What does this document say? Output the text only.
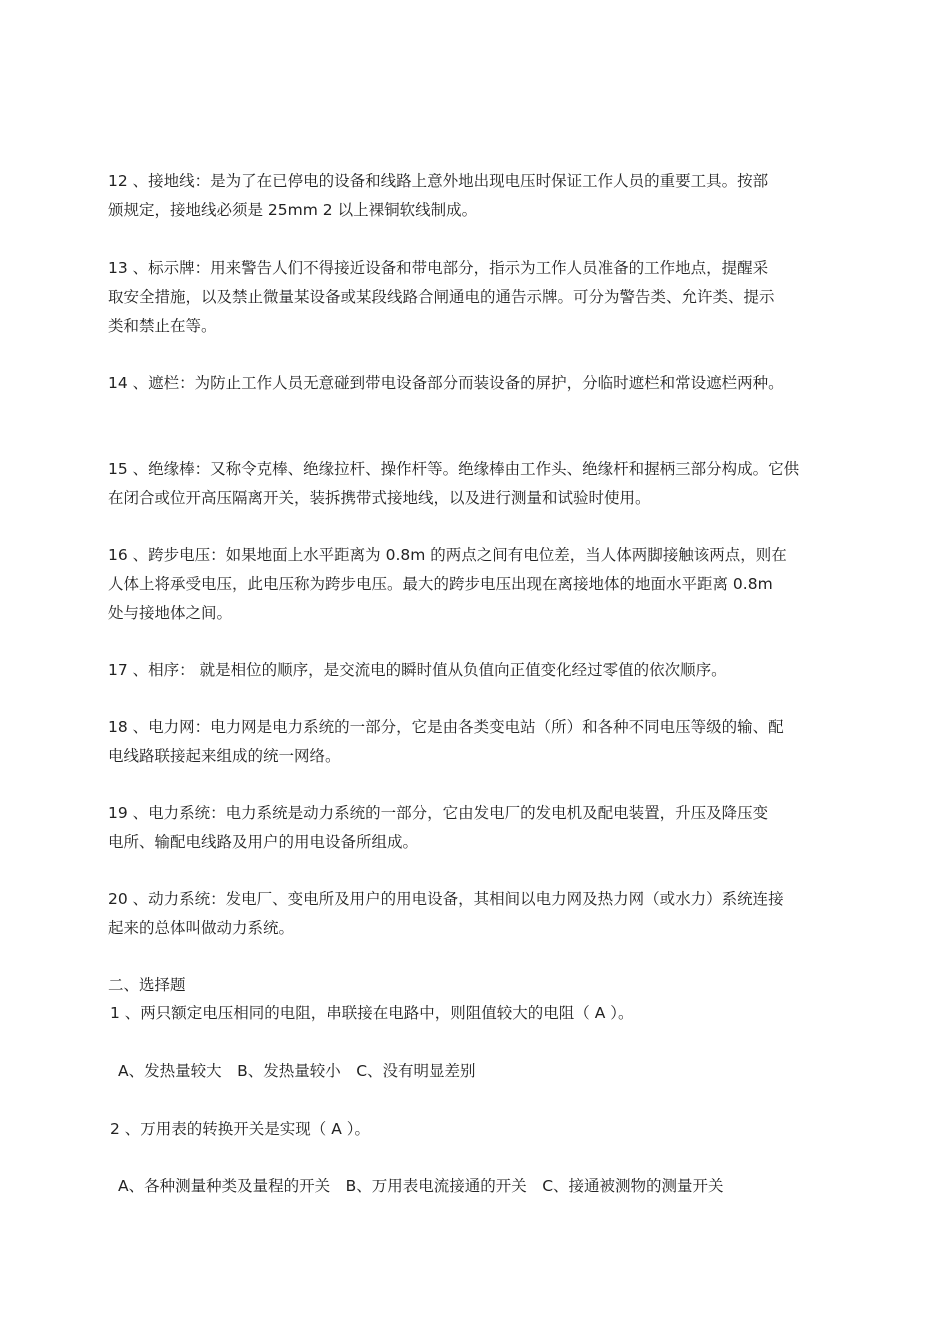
12 、接地线：是为了在已停电的设备和线路上意外地出现电压时保证工作人员的重要工具。按部
颁规定，接地线必须是 25mm 2 以上裸铜软线制成。

13 、标示牌：用来警告人们不得接近设备和带电部分，指示为工作人员准备的工作地点，提醒采
取安全措施，以及禁止微量某设备或某段线路合闸通电的通告示牌。可分为警告类、允许类、提示
类和禁止在等。

14 、遮栏：为防止工作人员无意碰到带电设备部分而装设备的屏护，分临时遮栏和常设遮栏两种。

15 、绝缘棒：又称令克棒、绝缘拉杆、操作杆等。绝缘棒由工作头、绝缘杆和握柄三部分构成。它供
在闭合或位开高压隔离开关，装拆携带式接地线，以及进行测量和试验时使用。

16 、跨步电压：如果地面上水平距离为 0.8m 的两点之间有电位差，当人体两脚接触该两点，则在
人体上将承受电压，此电压称为跨步电压。最大的跨步电压出现在离接地体的地面水平距离 0.8m
处与接地体之间。

17 、相序： 就是相位的顺序，是交流电的瞬时值从负值向正值变化经过零值的依次顺序。

18 、电力网：电力网是电力系统的一部分，它是由各类变电站（所）和各种不同电压等级的输、配
电线路联接起来组成的统一网络。

19 、电力系统：电力系统是动力系统的一部分，它由发电厂的发电机及配电装置，升压及降压变
电所、输配电线路及用户的用电设备所组成。

20 、动力系统：发电厂、变电所及用户的用电设备，其相间以电力网及热力网（或水力）系统连接
起来的总体叫做动力系统。

二、选择题

1 、两只额定电压相同的电阻，串联接在电路中，则阻值较大的电阻（ A ）。

A、发热量较大　B、发热量较小　C、没有明显差别

2 、万用表的转换开关是实现（ A ）。

A、各种测量种类及量程的开关　B、万用表电流接通的开关　C、接通被测物的测量开关
